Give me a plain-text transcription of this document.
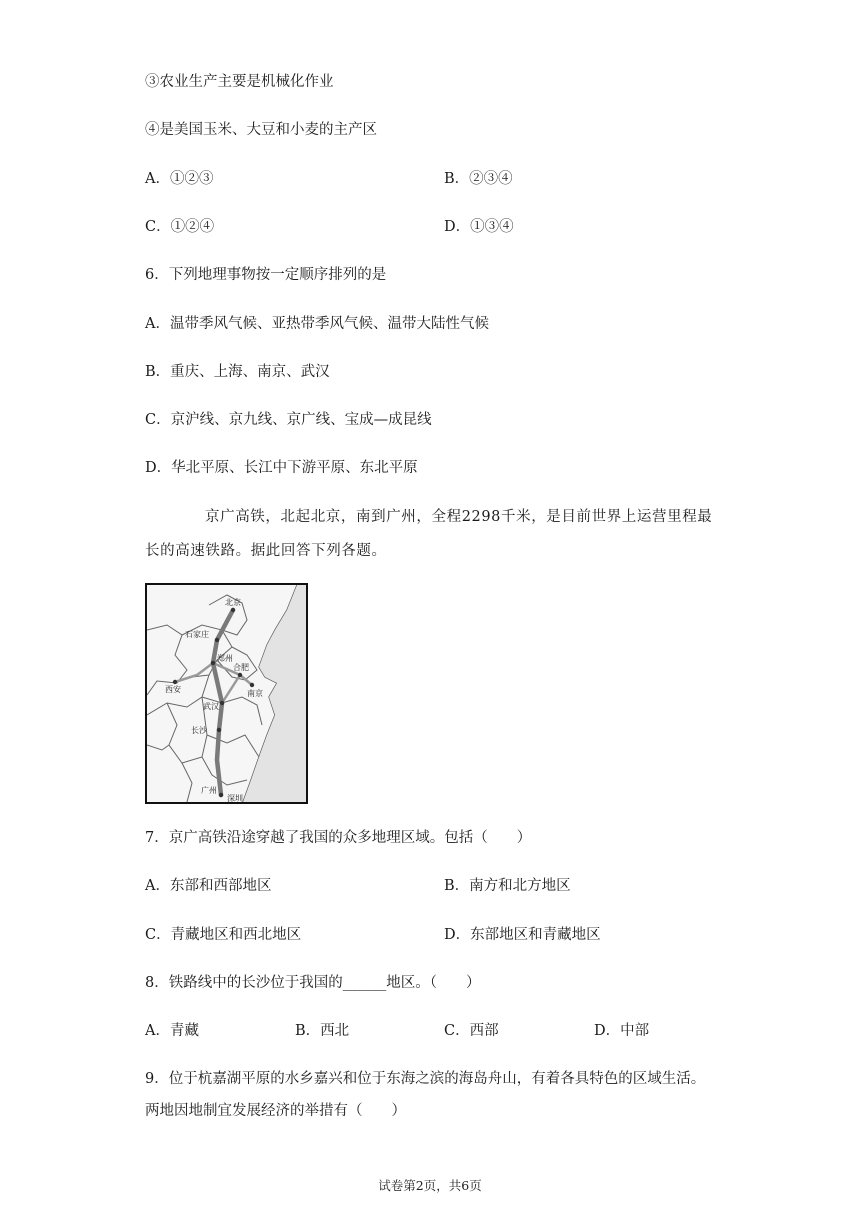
③农业生产主要是机械化作业
④是美国玉米、大豆和小麦的主产区
A．①②③	B．②③④
C．①②④	D．①③④
6．下列地理事物按一定顺序排列的是
A．温带季风气候、亚热带季风气候、温带大陆性气候
B．重庆、上海、南京、武汉
C．京沪线、京九线、京广线、宝成—成昆线
D．华北平原、长江中下游平原、东北平原
京广高铁，北起北京，南到广州，全程2298千米，是目前世界上运营里程最
长的高速铁路。据此回答下列各题。
北京
石家庄
郑州
西安
合肥
南京
武汉
长沙
广州
深圳
7．京广高铁沿途穿越了我国的众多地理区域。包括（　　）
A．东部和西部地区	B．南方和北方地区
C．青藏地区和西北地区	D．东部地区和青藏地区
8．铁路线中的长沙位于我国的______地区。（　　）
A．青藏	B．西北	C．西部	D．中部
9．位于杭嘉湖平原的水乡嘉兴和位于东海之滨的海岛舟山，有着各具特色的区域生活。
两地因地制宜发展经济的举措有（　　）
试卷第2页，共6页
